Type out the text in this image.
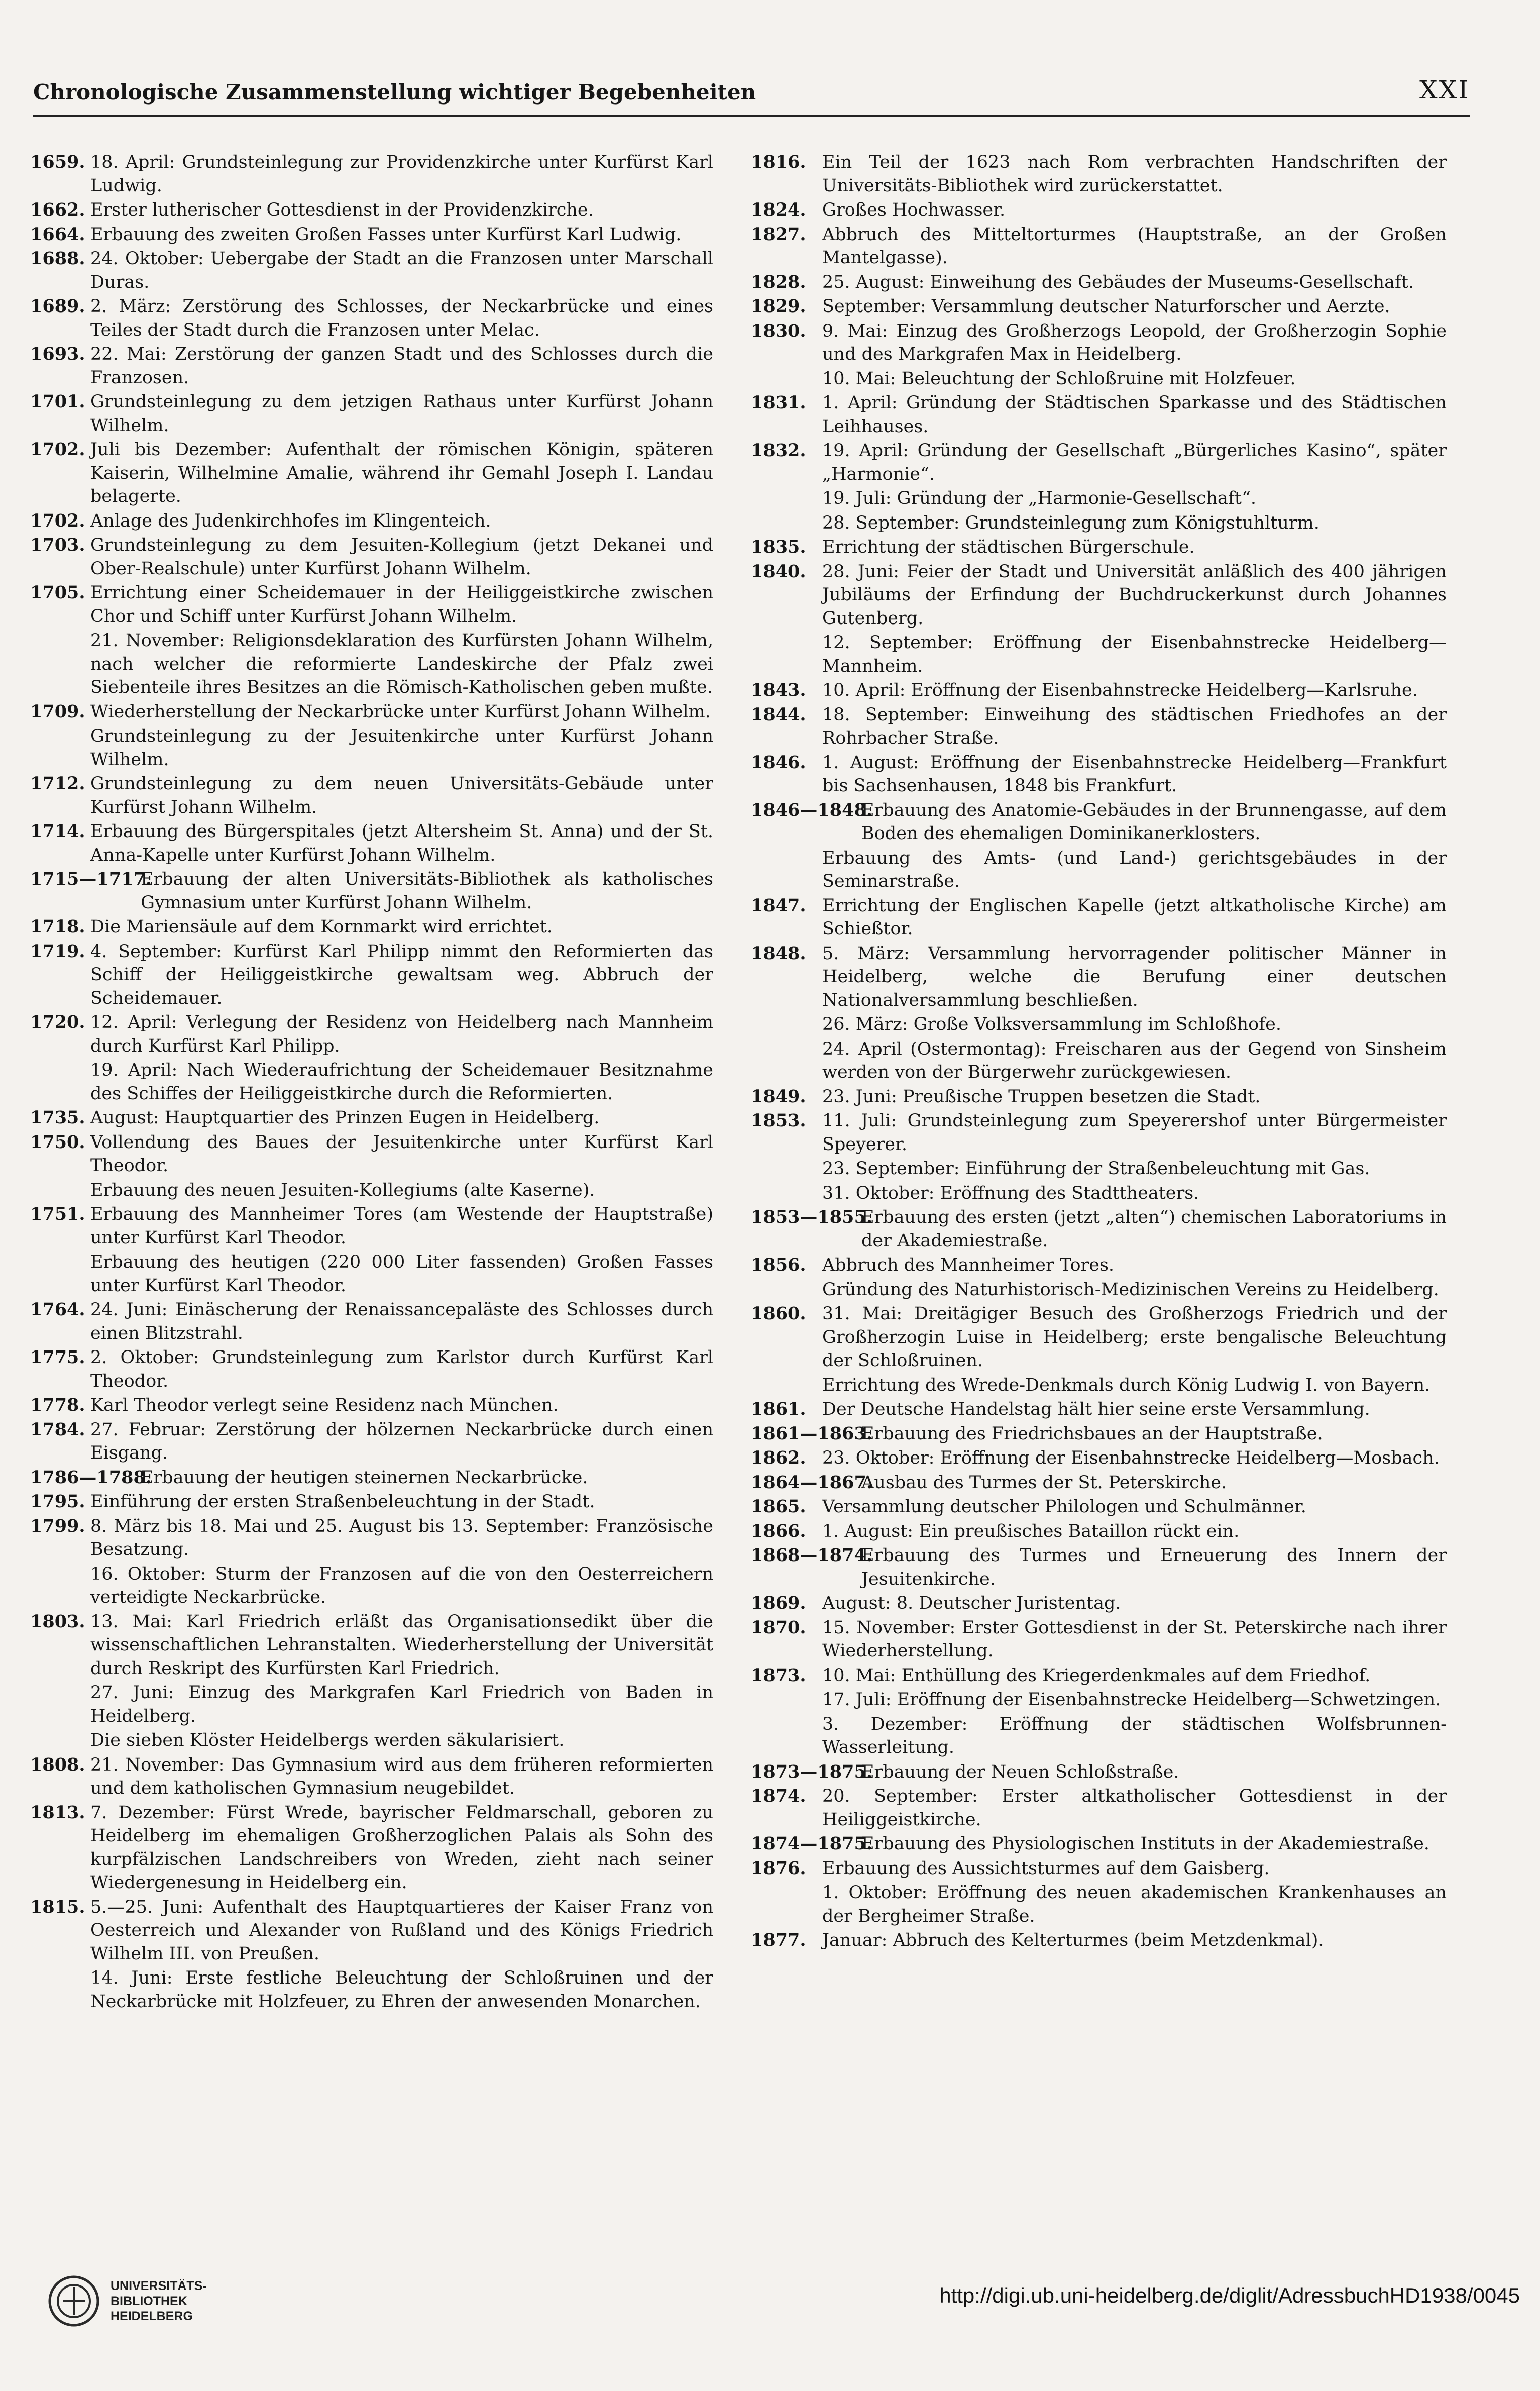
Chronologische Zusammenstellung wichtiger Begebenheiten	XXI
1659. 18. April: Grundsteinlegung zur Providenzkirche unter Kurfürst Karl Ludwig.
1662. Erster lutherischer Gottesdienst in der Providenzkirche.
1664. Erbauung des zweiten Großen Fasses unter Kurfürst Karl Ludwig.
1688. 24. Oktober: Uebergabe der Stadt an die Franzosen unter Marschall Duras.
1689. 2. März: Zerstörung des Schlosses, der Neckarbrücke und eines Teiles der Stadt durch die Franzosen unter Melac.
1693. 22. Mai: Zerstörung der ganzen Stadt und des Schlosses durch die Franzosen.
1701. Grundsteinlegung zu dem jetzigen Rathaus unter Kurfürst Johann Wilhelm.
1702. Juli bis Dezember: Aufenthalt der römischen Königin, späteren Kaiserin, Wilhelmine Amalie, während ihr Gemahl Joseph I. Landau belagerte.
1702. Anlage des Judenkirchhofes im Klingenteich.
1703. Grundsteinlegung zu dem Jesuiten-Kollegium (jetzt Dekanei und Ober-Realschule) unter Kurfürst Johann Wilhelm.
1705. Errichtung einer Scheidemauer in der Heiliggeistkirche zwischen Chor und Schiff unter Kurfürst Johann Wilhelm.
21. November: Religionsdeklaration des Kurfürsten Johann Wilhelm, nach welcher die reformierte Landeskirche der Pfalz zwei Siebenteile ihres Besitzes an die Römisch-Katholischen geben mußte.
1709. Wiederherstellung der Neckarbrücke unter Kurfürst Johann Wilhelm.
Grundsteinlegung zu der Jesuitenkirche unter Kurfürst Johann Wilhelm.
1712. Grundsteinlegung zu dem neuen Universitäts-Gebäude unter Kurfürst Johann Wilhelm.
1714. Erbauung des Bürgerspitales (jetzt Altersheim St. Anna) und der St. Anna-Kapelle unter Kurfürst Johann Wilhelm.
1715—1717.
Erbauung der alten Universitäts-Bibliothek als katholisches Gymnasium unter Kurfürst Johann Wilhelm.
1718. Die Mariensäule auf dem Kornmarkt wird errichtet.
1719. 4. September: Kurfürst Karl Philipp nimmt den Reformierten das Schiff der Heiliggeistkirche gewaltsam weg. Abbruch der Scheidemauer.
1720. 12. April: Verlegung der Residenz von Heidelberg nach Mannheim durch Kurfürst Karl Philipp.
19. April: Nach Wiederaufrichtung der Scheidemauer Besitznahme des Schiffes der Heiliggeistkirche durch die Reformierten.
1735. August: Hauptquartier des Prinzen Eugen in Heidelberg.
1750. Vollendung des Baues der Jesuitenkirche unter Kurfürst Karl Theodor.
Erbauung des neuen Jesuiten-Kollegiums (alte Kaserne).
1751. Erbauung des Mannheimer Tores (am Westende der Hauptstraße) unter Kurfürst Karl Theodor.
Erbauung des heutigen (220 000 Liter fassenden) Großen Fasses unter Kurfürst Karl Theodor.
1764. 24. Juni: Einäscherung der Renaissancepaläste des Schlosses durch einen Blitzstrahl.
1775. 2. Oktober: Grundsteinlegung zum Karlstor durch Kurfürst Karl Theodor.
1778. Karl Theodor verlegt seine Residenz nach München.
1784. 27. Februar: Zerstörung der hölzernen Neckarbrücke durch einen Eisgang.
1786—1788.
Erbauung der heutigen steinernen Neckarbrücke.
1795. Einführung der ersten Straßenbeleuchtung in der Stadt.
1799. 8. März bis 18. Mai und 25. August bis 13. September: Französische Besatzung.
16. Oktober: Sturm der Franzosen auf die von den Oesterreichern verteidigte Neckarbrücke.
1803. 13. Mai: Karl Friedrich erläßt das Organisationsedikt über die wissenschaftlichen Lehranstalten. Wiederherstellung der Universität durch Reskript des Kurfürsten Karl Friedrich.
27. Juni: Einzug des Markgrafen Karl Friedrich von Baden in Heidelberg.
Die sieben Klöster Heidelbergs werden säkularisiert.
1808. 21. November: Das Gymnasium wird aus dem früheren reformierten und dem katholischen Gymnasium neugebildet.
1813. 7. Dezember: Fürst Wrede, bayrischer Feldmarschall, geboren zu Heidelberg im ehemaligen Großherzoglichen Palais als Sohn des kurpfälzischen Landschreibers von Wreden, zieht nach seiner Wiedergenesung in Heidelberg ein.
1815. 5.—25. Juni: Aufenthalt des Hauptquartieres der Kaiser Franz von Oesterreich und Alexander von Rußland und des Königs Friedrich Wilhelm III. von Preußen.
14. Juni: Erste festliche Beleuchtung der Schloßruinen und der Neckarbrücke mit Holzfeuer, zu Ehren der anwesenden Monarchen.
1816. Ein Teil der 1623 nach Rom verbrachten Handschriften der Universitäts-Bibliothek wird zurückerstattet.
1824. Großes Hochwasser.
1827. Abbruch des Mitteltorturmes (Hauptstraße, an der Großen Mantelgasse).
1828. 25. August: Einweihung des Gebäudes der Museums-Gesellschaft.
1829. September: Versammlung deutscher Naturforscher und Aerzte.
1830. 9. Mai: Einzug des Großherzogs Leopold, der Großherzogin Sophie und des Markgrafen Max in Heidelberg.
10. Mai: Beleuchtung der Schloßruine mit Holzfeuer.
1831. 1. April: Gründung der Städtischen Sparkasse und des Städtischen Leihhauses.
1832. 19. April: Gründung der Gesellschaft „Bürgerliches Kasino“, später „Harmonie“.
19. Juli: Gründung der „Harmonie-Gesellschaft“.
28. September: Grundsteinlegung zum Königstuhlturm.
1835. Errichtung der städtischen Bürgerschule.
1840. 28. Juni: Feier der Stadt und Universität anläßlich des 400 jährigen Jubiläums der Erfindung der Buchdruckerkunst durch Johannes Gutenberg.
12. September: Eröffnung der Eisenbahnstrecke Heidelberg—Mannheim.
1843. 10. April: Eröffnung der Eisenbahnstrecke Heidelberg—Karlsruhe.
1844. 18. September: Einweihung des städtischen Friedhofes an der Rohrbacher Straße.
1846. 1. August: Eröffnung der Eisenbahnstrecke Heidelberg—Frankfurt bis Sachsenhausen, 1848 bis Frankfurt.
1846—1848.
Erbauung des Anatomie-Gebäudes in der Brunnengasse, auf dem Boden des ehemaligen Dominikanerklosters.
Erbauung des Amts- (und Land-) gerichtsgebäudes in der Seminarstraße.
1847. Errichtung der Englischen Kapelle (jetzt altkatholische Kirche) am Schießtor.
1848. 5. März: Versammlung hervorragender politischer Männer in Heidelberg, welche die Berufung einer deutschen Nationalversammlung beschließen.
26. März: Große Volksversammlung im Schloßhofe.
24. April (Ostermontag): Freischaren aus der Gegend von Sinsheim werden von der Bürgerwehr zurückgewiesen.
1849. 23. Juni: Preußische Truppen besetzen die Stadt.
1853. 11. Juli: Grundsteinlegung zum Speyerershof unter Bürgermeister Speyerer.
23. September: Einführung der Straßenbeleuchtung mit Gas.
31. Oktober: Eröffnung des Stadttheaters.
1853—1855.
Erbauung des ersten (jetzt „alten“) chemischen Laboratoriums in der Akademiestraße.
1856. Abbruch des Mannheimer Tores.
Gründung des Naturhistorisch-Medizinischen Vereins zu Heidelberg.
1860. 31. Mai: Dreitägiger Besuch des Großherzogs Friedrich und der Großherzogin Luise in Heidelberg; erste bengalische Beleuchtung der Schloßruinen.
Errichtung des Wrede-Denkmals durch König Ludwig I. von Bayern.
1861. Der Deutsche Handelstag hält hier seine erste Versammlung.
1861—1863.
Erbauung des Friedrichsbaues an der Hauptstraße.
1862. 23. Oktober: Eröffnung der Eisenbahnstrecke Heidelberg—Mosbach.
1864—1867.
Ausbau des Turmes der St. Peterskirche.
1865. Versammlung deutscher Philologen und Schulmänner.
1866. 1. August: Ein preußisches Bataillon rückt ein.
1868—1874.
Erbauung des Turmes und Erneuerung des Innern der Jesuitenkirche.
1869. August: 8. Deutscher Juristentag.
1870. 15. November: Erster Gottesdienst in der St. Peterskirche nach ihrer Wiederherstellung.
1873. 10. Mai: Enthüllung des Kriegerdenkmales auf dem Friedhof.
17. Juli: Eröffnung der Eisenbahnstrecke Heidelberg—Schwetzingen.
3. Dezember: Eröffnung der städtischen Wolfsbrunnen-Wasserleitung.
1873—1875.
Erbauung der Neuen Schloßstraße.
1874. 20. September: Erster altkatholischer Gottesdienst in der Heiliggeistkirche.
1874—1875.
Erbauung des Physiologischen Instituts in der Akademiestraße.
1876. Erbauung des Aussichtsturmes auf dem Gaisberg.
1. Oktober: Eröffnung des neuen akademischen Krankenhauses an der Bergheimer Straße.
1877. Januar: Abbruch des Kelterturmes (beim Metzdenkmal).
UNIVERSITÄTS-
BIBLIOTHEK
HEIDELBERG
http://digi.ub.uni-heidelberg.de/diglit/AdressbuchHD1938/0045
